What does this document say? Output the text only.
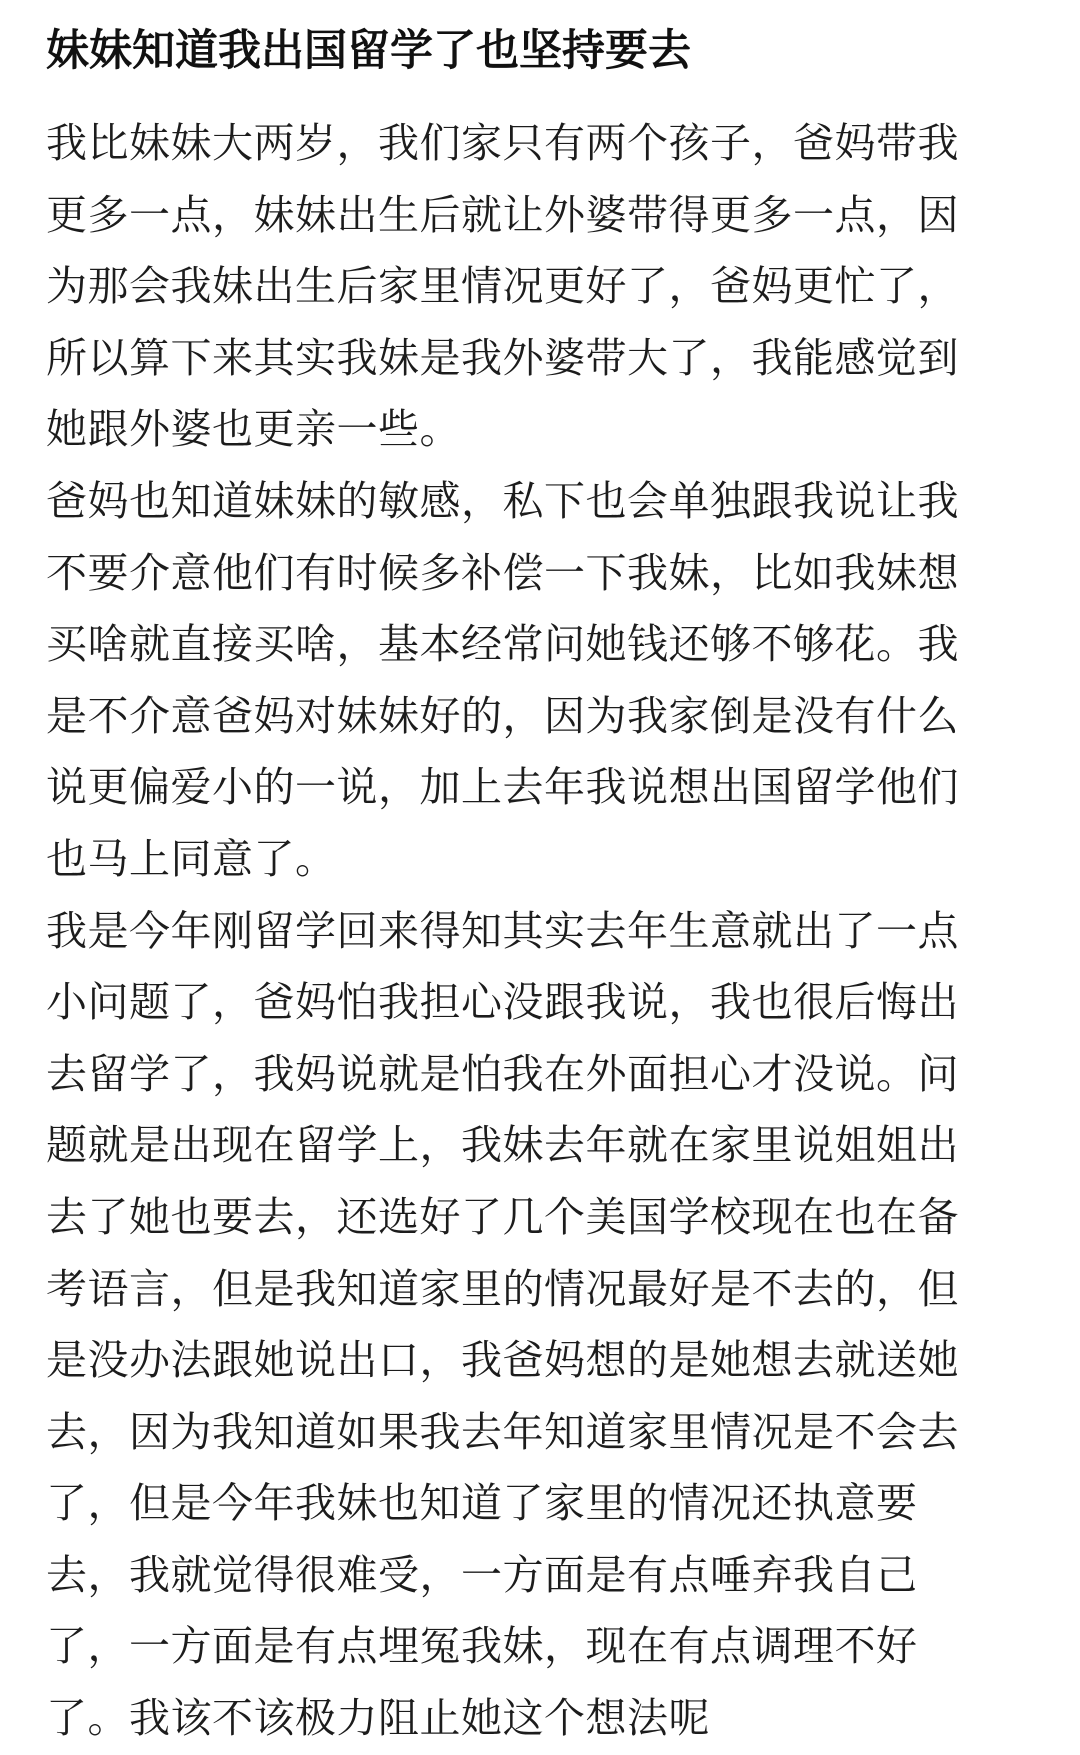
妹妹知道我出国留学了也坚持要去
我比妹妹大两岁，我们家只有两个孩子，爸妈带我
更多一点，妹妹出生后就让外婆带得更多一点，因
为那会我妹出生后家里情况更好了，爸妈更忙了，
所以算下来其实我妹是我外婆带大了，我能感觉到
她跟外婆也更亲一些。
爸妈也知道妹妹的敏感，私下也会单独跟我说让我
不要介意他们有时候多补偿一下我妹，比如我妹想
买啥就直接买啥，基本经常问她钱还够不够花。我
是不介意爸妈对妹妹好的，因为我家倒是没有什么
说更偏爱小的一说，加上去年我说想出国留学他们
也马上同意了。
我是今年刚留学回来得知其实去年生意就出了一点
小问题了，爸妈怕我担心没跟我说，我也很后悔出
去留学了，我妈说就是怕我在外面担心才没说。问
题就是出现在留学上，我妹去年就在家里说姐姐出
去了她也要去，还选好了几个美国学校现在也在备
考语言，但是我知道家里的情况最好是不去的，但
是没办法跟她说出口，我爸妈想的是她想去就送她
去，因为我知道如果我去年知道家里情况是不会去
了，但是今年我妹也知道了家里的情况还执意要
去，我就觉得很难受，一方面是有点唾弃我自己
了，一方面是有点埋冤我妹，现在有点调理不好
了。我该不该极力阻止她这个想法呢
